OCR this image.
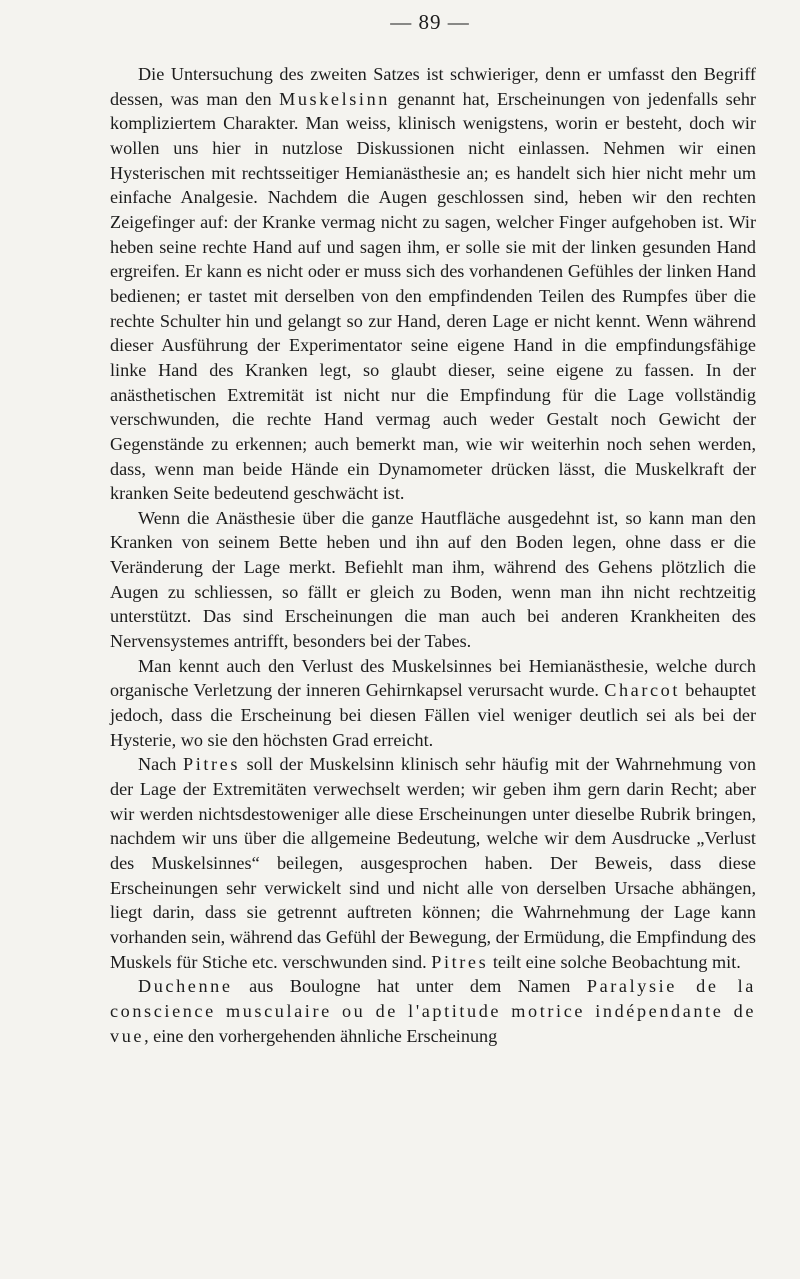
— 89 —

Die Untersuchung des zweiten Satzes ist schwieriger, denn er umfasst den Begriff dessen, was man den Muskelsinn genannt hat, Erscheinungen von jedenfalls sehr kompliziertem Charakter. Man weiss, klinisch wenigstens, worin er besteht, doch wir wollen uns hier in nutzlose Diskussionen nicht einlassen. Nehmen wir einen Hysterischen mit rechtsseitiger Hemianästhesie an; es handelt sich hier nicht mehr um einfache Analgesie. Nachdem die Augen geschlossen sind, heben wir den rechten Zeigefinger auf: der Kranke vermag nicht zu sagen, welcher Finger aufgehoben ist. Wir heben seine rechte Hand auf und sagen ihm, er solle sie mit der linken gesunden Hand ergreifen. Er kann es nicht oder er muss sich des vorhandenen Gefühles der linken Hand bedienen; er tastet mit derselben von den empfindenden Teilen des Rumpfes über die rechte Schulter hin und gelangt so zur Hand, deren Lage er nicht kennt. Wenn während dieser Ausführung der Experimentator seine eigene Hand in die empfindungsfähige linke Hand des Kranken legt, so glaubt dieser, seine eigene zu fassen. In der anästhetischen Extremität ist nicht nur die Empfindung für die Lage vollständig verschwunden, die rechte Hand vermag auch weder Gestalt noch Gewicht der Gegenstände zu erkennen; auch bemerkt man, wie wir weiterhin noch sehen werden, dass, wenn man beide Hände ein Dynamometer drücken lässt, die Muskelkraft der kranken Seite bedeutend geschwächt ist.

Wenn die Anästhesie über die ganze Hautfläche ausgedehnt ist, so kann man den Kranken von seinem Bette heben und ihn auf den Boden legen, ohne dass er die Veränderung der Lage merkt. Befiehlt man ihm, während des Gehens plötzlich die Augen zu schliessen, so fällt er gleich zu Boden, wenn man ihn nicht rechtzeitig unterstützt. Das sind Erscheinungen die man auch bei anderen Krankheiten des Nervensystemes antrifft, besonders bei der Tabes.

Man kennt auch den Verlust des Muskelsinnes bei Hemianästhesie, welche durch organische Verletzung der inneren Gehirnkapsel verursacht wurde. Charcot behauptet jedoch, dass die Erscheinung bei diesen Fällen viel weniger deutlich sei als bei der Hysterie, wo sie den höchsten Grad erreicht.

Nach Pitres soll der Muskelsinn klinisch sehr häufig mit der Wahrnehmung von der Lage der Extremitäten verwechselt werden; wir geben ihm gern darin Recht; aber wir werden nichtsdestoweniger alle diese Erscheinungen unter dieselbe Rubrik bringen, nachdem wir uns über die allgemeine Bedeutung, welche wir dem Ausdrucke „Verlust des Muskelsinnes“ beilegen, ausgesprochen haben. Der Beweis, dass diese Erscheinungen sehr verwickelt sind und nicht alle von derselben Ursache abhängen, liegt darin, dass sie getrennt auftreten können; die Wahrnehmung der Lage kann vorhanden sein, während das Gefühl der Bewegung, der Ermüdung, die Empfindung des Muskels für Stiche etc. verschwunden sind. Pitres teilt eine solche Beobachtung mit.

Duchenne aus Boulogne hat unter dem Namen Paralysie de la conscience musculaire ou de l'aptitude motrice indépendante de vue, eine den vorhergehenden ähnliche Erscheinung
